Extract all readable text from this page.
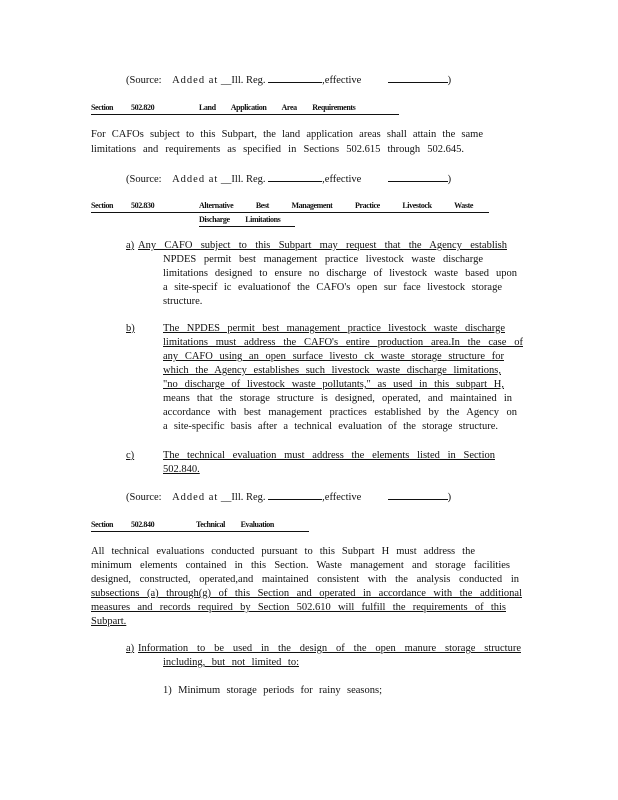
(Source: Added at __Ill. Reg.	,effective	)
Section 502.820	Land Application Area Requirements
For CAFOs subject to this Subpart, the land application areas shall attain the same
limitations and requirements as specified in Sections 502.615 through 502.645.
(Source: Added at __Ill. Reg.	,effective	)
Section 502.830	Alternative Best Management Practice Livestock Waste
Discharge Limitations
a) Any CAFO subject to this Subpart may request that the Agency establish
NPDES permit best management practice livestock waste discharge
limitations designed to ensure no discharge of livestock waste based upon
a site-specif ic evaluationof the CAFO's open sur face livestock storage
structure.
b)	The NPDES permit best management practice livestock waste discharge
limitations must address the CAFO's entire production area.In the case of
any CAFO using an open surface livesto ck waste storage structure for
which the Agency establishes such livestock waste discharge limitations,
"no discharge of livestock waste pollutants," as used in this subpart H,
means that the storage structure is designed, operated, and maintained in
accordance with best management practices established by the Agency on
a site-specific basis after a technical evaluation of the storage structure.
c)	The technical evaluation must address the elements listed in Section
502.840.
(Source: Added at __Ill. Reg.	,effective	)
Section 502.840	Technical Evaluation
All technical evaluations conducted pursuant to this Subpart H must address the
minimum elements contained in this Section. Waste management and storage facilities
designed, constructed, operated,and maintained consistent with the analysis conducted in
subsections (a) through(g) of this Section and operated in accordance with the additional
measures and records required by Section 502.610 will fulfill the requirements of this
Subpart.
a) Information to be used in the design of the open manure storage structure
including, but not limited to:
1) Minimum storage periods for rainy seasons;
